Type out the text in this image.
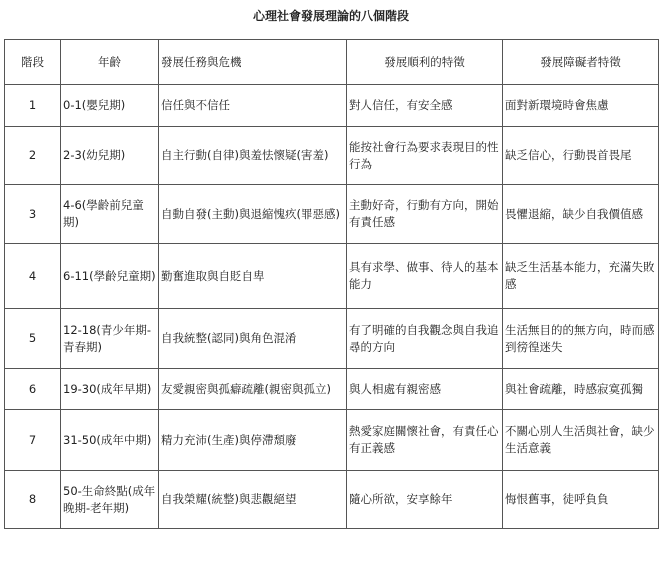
心理社會發展理論的八個階段
階段	年齡	發展任務與危機	發展順利的特徵	發展障礙者特徵
1	0-1(嬰兒期)	信任與不信任	對人信任，有安全感	面對新環境時會焦慮
2	2-3(幼兒期)	自主行動(自律)與羞怯懷疑(害羞)	能按社會行為要求表現目的性行為	缺乏信心，行動畏首畏尾
3	4-6(學齡前兒童期)	自動自發(主動)與退縮愧疚(罪惡感)	主動好奇，行動有方向，開始有責任感	畏懼退縮，缺少自我價值感
4	6-11(學齡兒童期)	勤奮進取與自貶自卑	具有求學、做事、待人的基本能力	缺乏生活基本能力，充滿失敗感
5	12-18(青少年期-青春期)	自我統整(認同)與角色混淆	有了明確的自我觀念與自我追尋的方向	生活無目的的無方向，時而感到徬徨迷失
6	19-30(成年早期)	友愛親密與孤癖疏離(親密與孤立)	與人相處有親密感	與社會疏離，時感寂寞孤獨
7	31-50(成年中期)	精力充沛(生產)與停滯頹廢	熱愛家庭關懷社會，有責任心有正義感	不關心別人生活與社會，缺少生活意義
8	50-生命終點(成年晚期-老年期)	自我榮耀(統整)與悲觀絕望	隨心所欲，安享餘年	悔恨舊事，徒呼負負
